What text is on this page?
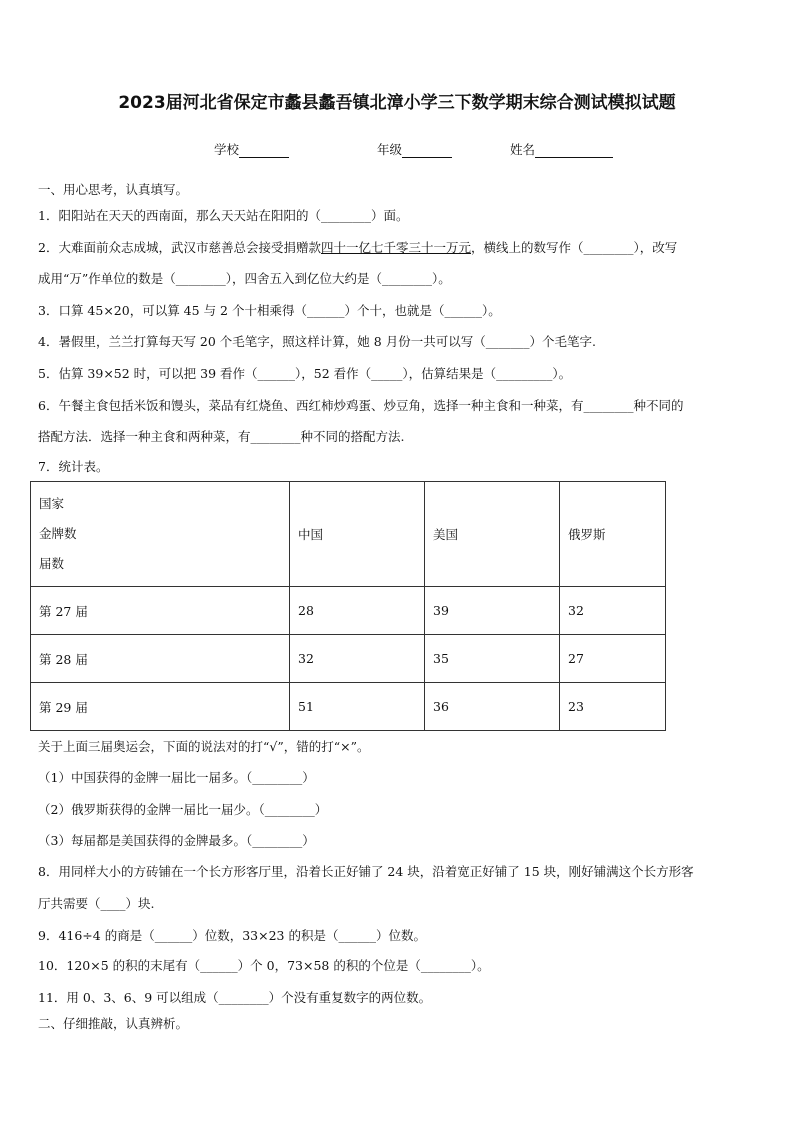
2023届河北省保定市蠡县蠡吾镇北漳小学三下数学期末综合测试模拟试题
学校	年级	姓名
一、用心思考，认真填写。
1．阳阳站在天天的西南面，那么天天站在阳阳的（________）面。
2．大难面前众志成城，武汉市慈善总会接受捐赠款四十一亿七千零三十一万元，横线上的数写作（________），改写
成用“万”作单位的数是（________），四舍五入到亿位大约是（________）。
3．口算 45×20，可以算 45 与 2 个十相乘得（______）个十，也就是（______）。
4．暑假里，兰兰打算每天写 20 个毛笔字，照这样计算，她 8 月份一共可以写（_______）个毛笔字.
5．估算 39×52 时，可以把 39 看作（______），52 看作（_____），估算结果是（_________）。
6．午餐主食包括米饭和馒头，菜品有红烧鱼、西红柿炒鸡蛋、炒豆角，选择一种主食和一种菜，有________种不同的
搭配方法．选择一种主食和两种菜，有________种不同的搭配方法.
7．统计表。
国家
金牌数
届数	中国	美国	俄罗斯
第 27 届	28	39	32
第 28 届	32	35	27
第 29 届	51	36	23
关于上面三届奥运会，下面的说法对的打“√”，错的打“×”。
（1）中国获得的金牌一届比一届多。（________）
（2）俄罗斯获得的金牌一届比一届少。（________）
（3）每届都是美国获得的金牌最多。（________）
8．用同样大小的方砖铺在一个长方形客厅里，沿着长正好铺了 24 块，沿着宽正好铺了 15 块，刚好铺满这个长方形客
厅共需要（____）块.
9．416÷4 的商是（______）位数，33×23 的积是（______）位数。
10．120×5 的积的末尾有（______）个 0，73×58 的积的个位是（________）。
11．用 0、3、6、9 可以组成（________）个没有重复数字的两位数。
二、仔细推敲，认真辨析。
